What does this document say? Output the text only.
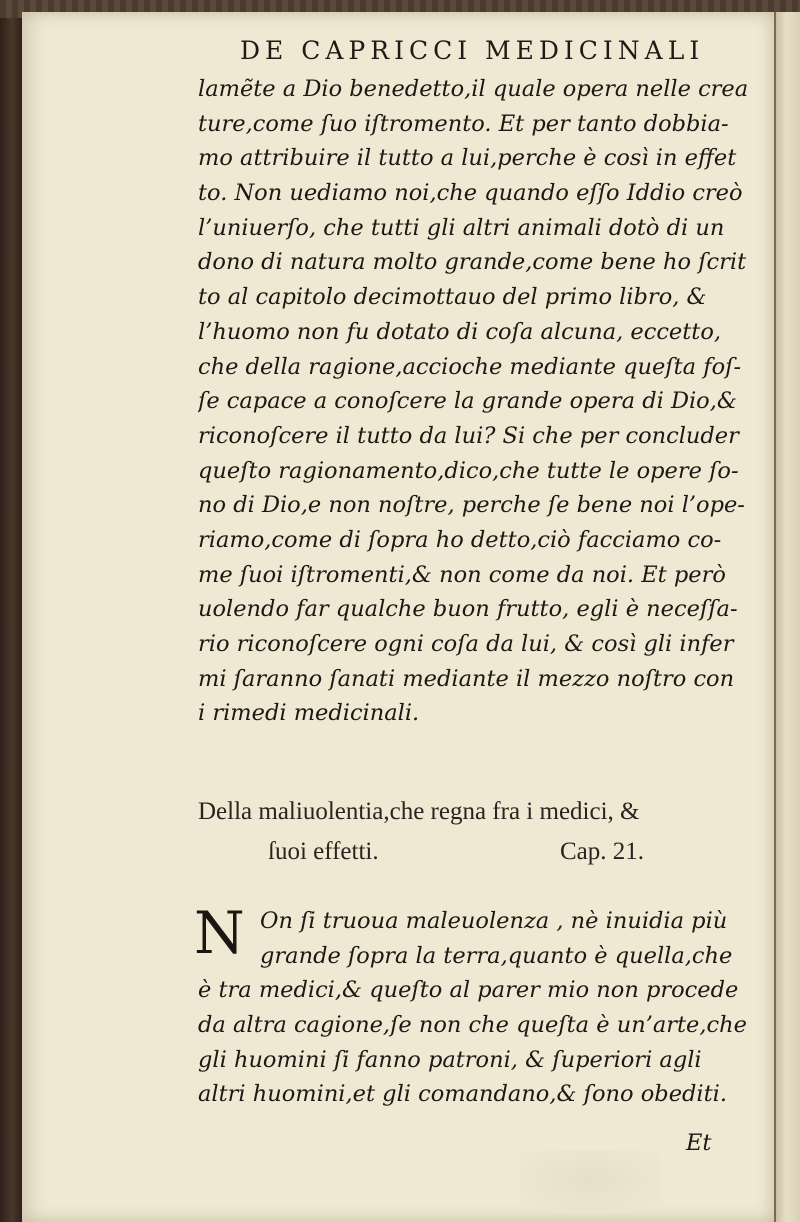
DE CAPRICCI MEDICINALI
lamẽte a Dio benedetto,il quale opera nelle crea
ture,come ſuo iſtromento. Et per tanto dobbia-
mo attribuire il tutto a lui,perche è così in effet
to. Non uediamo noi,che quando eſſo Iddio creò
l’uniuerſo, che tutti gli altri animali dotò di un
dono di natura molto grande,come bene ho ſcrit
to al capitolo decimottauo del primo libro, &
l’huomo non fu dotato di coſa alcuna, eccetto,
che della ragione,accioche mediante queſta foſ-
ſe capace a conoſcere la grande opera di Dio,&
riconoſcere il tutto da lui? Si che per concluder
queſto ragionamento,dico,che tutte le opere ſo-
no di Dio,e non noſtre, perche ſe bene noi l’ope-
riamo,come di ſopra ho detto,ciò facciamo co-
me ſuoi iſtromenti,& non come da noi. Et però
uolendo far qualche buon frutto, egli è neceſſa-
rio riconoſcere ogni coſa da lui, & così gli infer
mi ſaranno ſanati mediante il mezzo noſtro con
i rimedi medicinali.
Della maliuolentia,che regna fra i medici, &
ſuoi effetti.	Cap. 21.
N On ſi truoua maleuolenza , nè inuidia più
grande ſopra la terra,quanto è quella,che
è tra medici,& queſto al parer mio non procede
da altra cagione,ſe non che queſta è un’arte,che
gli huomini ſi fanno patroni, & ſuperiori agli
altri huomini,et gli comandano,& ſono obediti.
Et
